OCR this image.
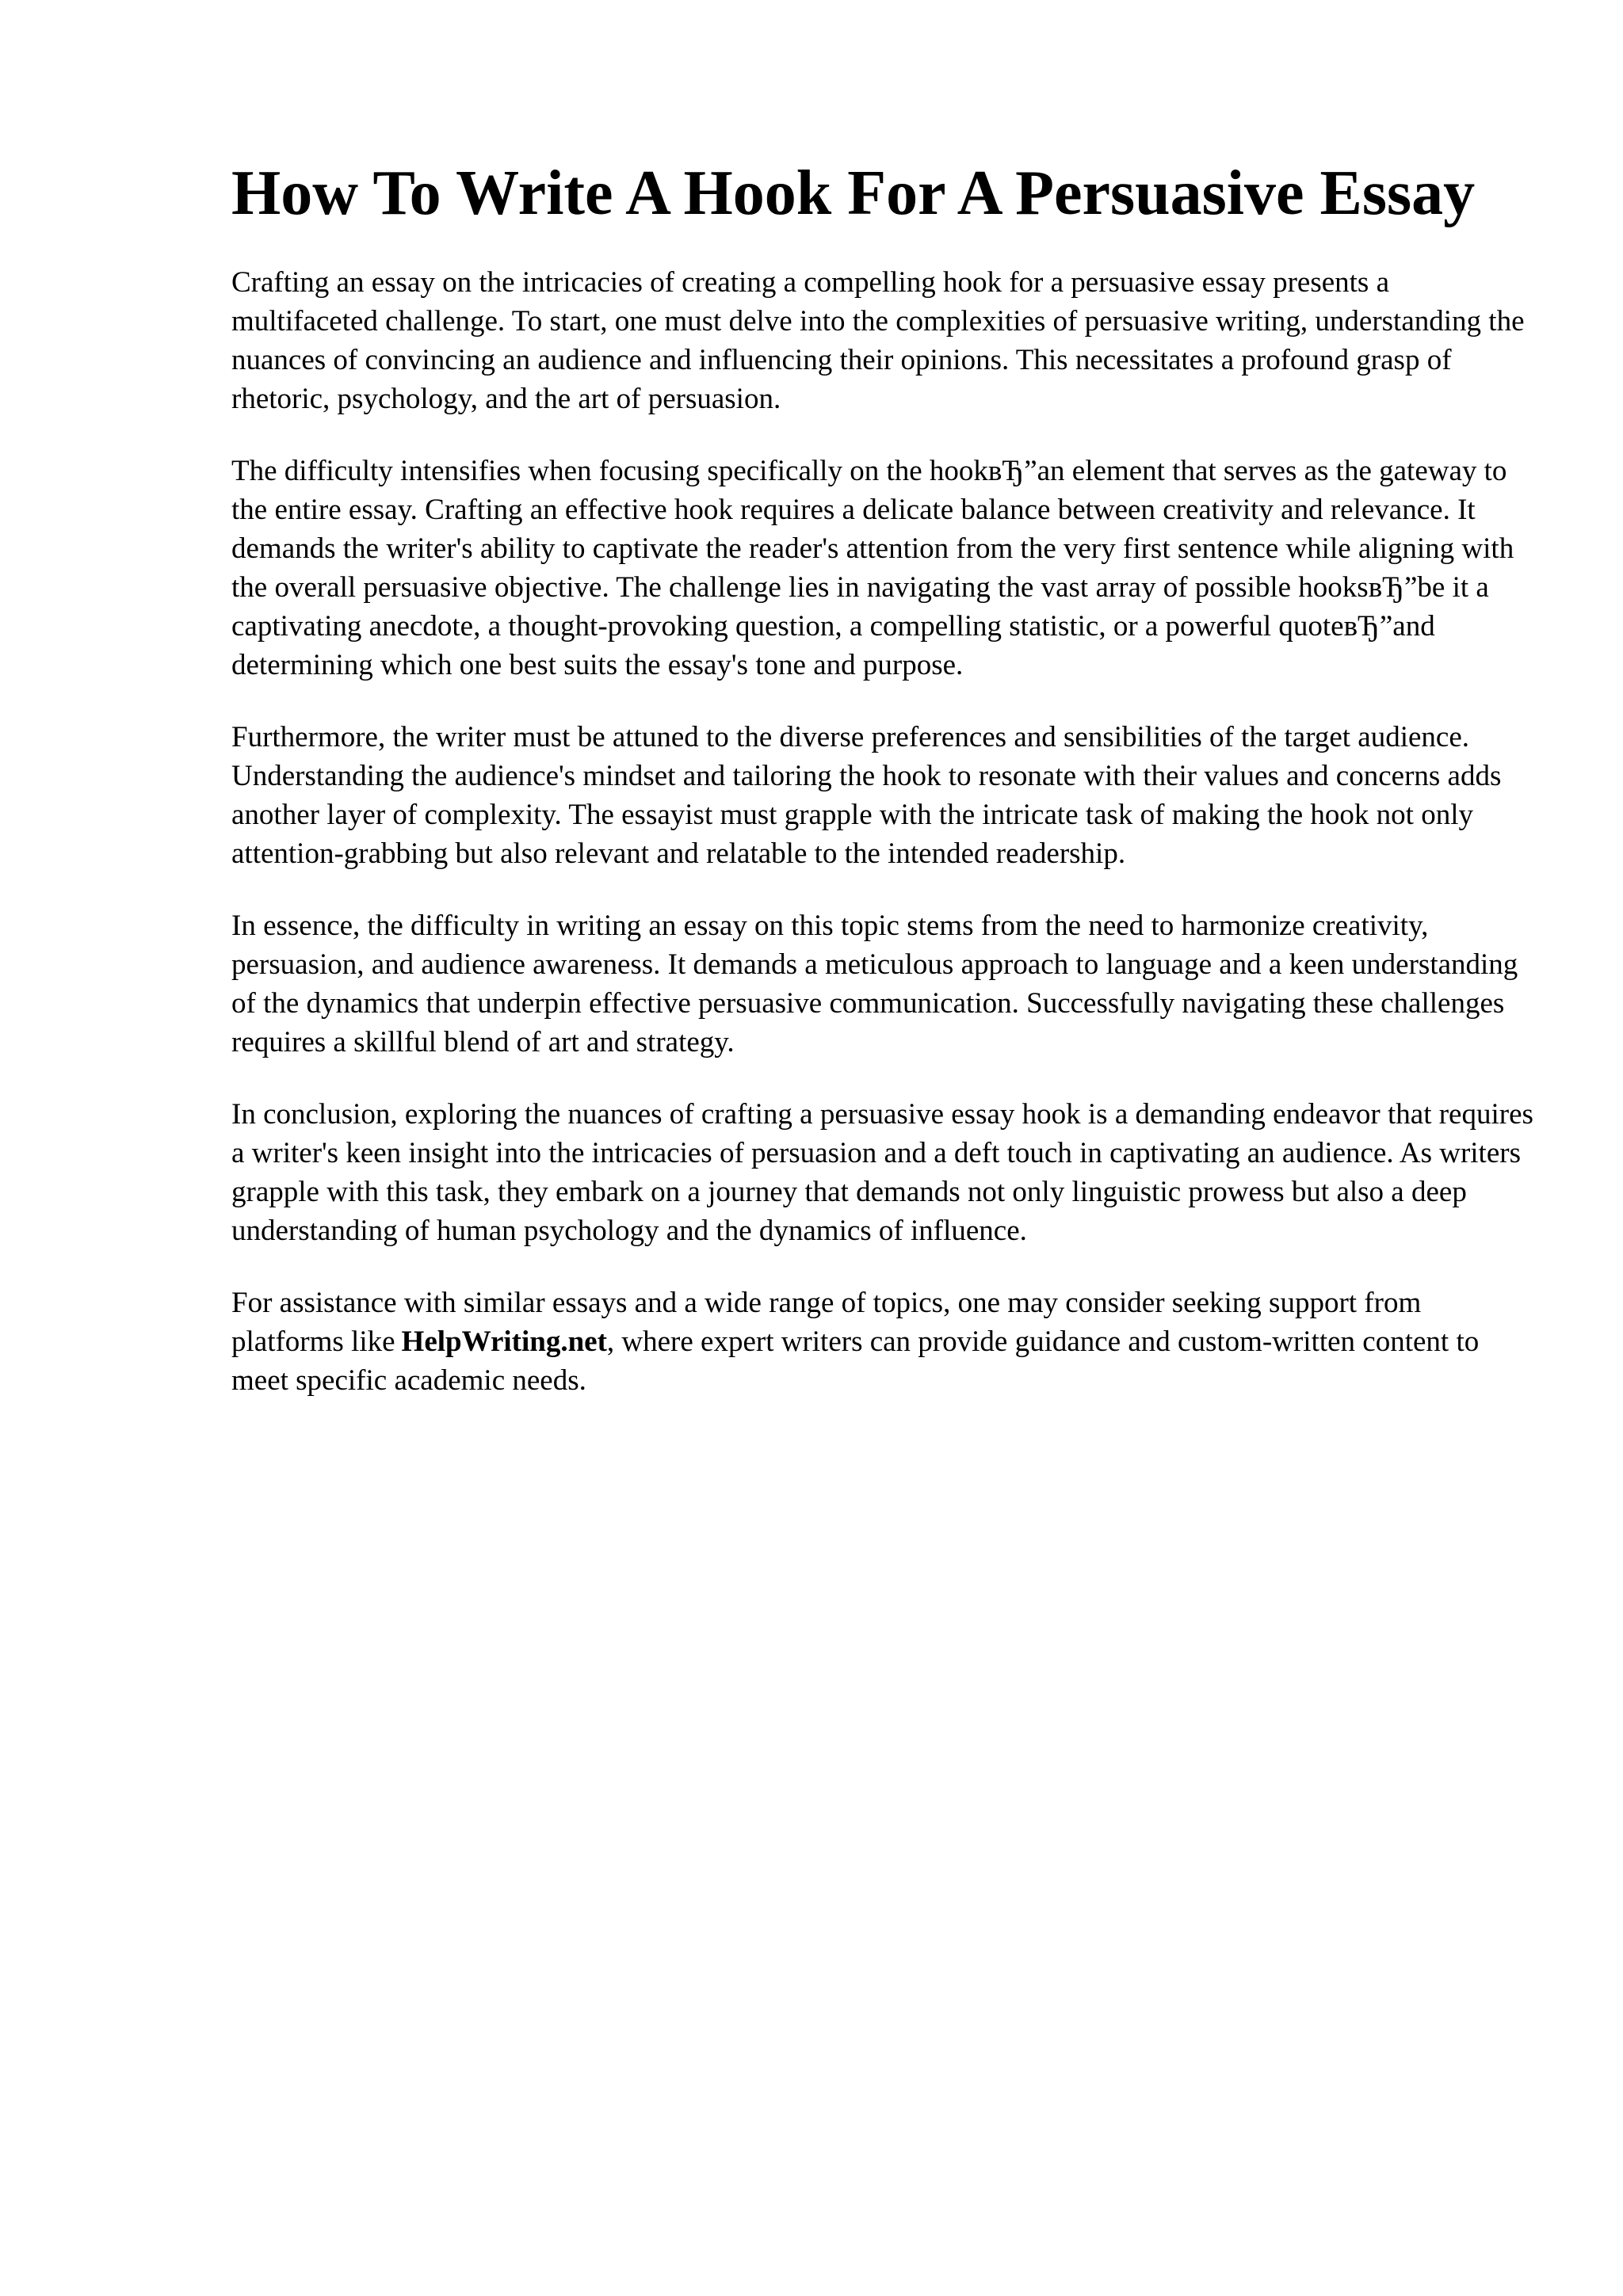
How To Write A Hook For A Persuasive Essay

Crafting an essay on the intricacies of creating a compelling hook for a persuasive essay presents a multifaceted challenge. To start, one must delve into the complexities of persuasive writing, understanding the nuances of convincing an audience and influencing their opinions. This necessitates a profound grasp of rhetoric, psychology, and the art of persuasion.

The difficulty intensifies when focusing specifically on the hookвЂ”an element that serves as the gateway to the entire essay. Crafting an effective hook requires a delicate balance between creativity and relevance. It demands the writer's ability to captivate the reader's attention from the very first sentence while aligning with the overall persuasive objective. The challenge lies in navigating the vast array of possible hooksвЂ”be it a captivating anecdote, a thought-provoking question, a compelling statistic, or a powerful quoteвЂ”and determining which one best suits the essay's tone and purpose.

Furthermore, the writer must be attuned to the diverse preferences and sensibilities of the target audience. Understanding the audience's mindset and tailoring the hook to resonate with their values and concerns adds another layer of complexity. The essayist must grapple with the intricate task of making the hook not only attention-grabbing but also relevant and relatable to the intended readership.

In essence, the difficulty in writing an essay on this topic stems from the need to harmonize creativity, persuasion, and audience awareness. It demands a meticulous approach to language and a keen understanding of the dynamics that underpin effective persuasive communication. Successfully navigating these challenges requires a skillful blend of art and strategy.

In conclusion, exploring the nuances of crafting a persuasive essay hook is a demanding endeavor that requires a writer's keen insight into the intricacies of persuasion and a deft touch in captivating an audience. As writers grapple with this task, they embark on a journey that demands not only linguistic prowess but also a deep understanding of human psychology and the dynamics of influence.

For assistance with similar essays and a wide range of topics, one may consider seeking support from platforms like HelpWriting.net, where expert writers can provide guidance and custom-written content to meet specific academic needs.
